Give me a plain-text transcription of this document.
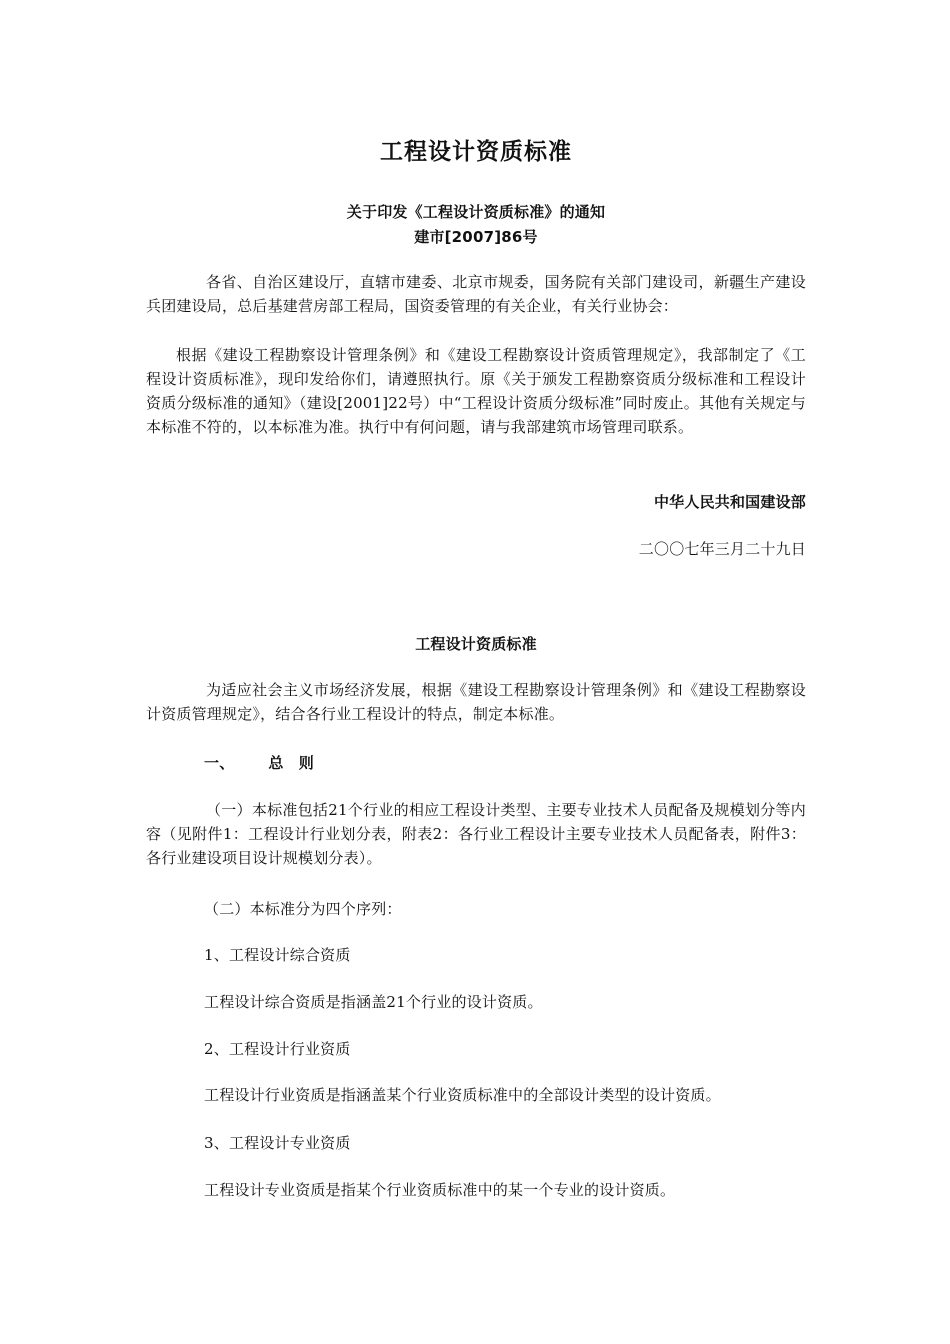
工程设计资质标准

关于印发《工程设计资质标准》的通知

建市[2007]86号

各省、自治区建设厅，直辖市建委、北京市规委，国务院有关部门建设司，新疆生产建设兵团建设局，总后基建营房部工程局，国资委管理的有关企业，有关行业协会：

根据《建设工程勘察设计管理条例》和《建设工程勘察设计资质管理规定》，我部制定了《工程设计资质标准》，现印发给你们，请遵照执行。原《关于颁发工程勘察资质分级标准和工程设计资质分级标准的通知》（建设[2001]22号）中“工程设计资质分级标准”同时废止。其他有关规定与本标准不符的，以本标准为准。执行中有何问题，请与我部建筑市场管理司联系。

中华人民共和国建设部

二〇〇七年三月二十九日

工程设计资质标准

为适应社会主义市场经济发展，根据《建设工程勘察设计管理条例》和《建设工程勘察设计资质管理规定》，结合各行业工程设计的特点，制定本标准。

一、 总　则

（一）本标准包括21个行业的相应工程设计类型、主要专业技术人员配备及规模划分等内容（见附件1：工程设计行业划分表，附表2：各行业工程设计主要专业技术人员配备表，附件3：各行业建设项目设计规模划分表）。

（二）本标准分为四个序列：

1、工程设计综合资质

工程设计综合资质是指涵盖21个行业的设计资质。

2、工程设计行业资质

工程设计行业资质是指涵盖某个行业资质标准中的全部设计类型的设计资质。

3、工程设计专业资质

工程设计专业资质是指某个行业资质标准中的某一个专业的设计资质。
